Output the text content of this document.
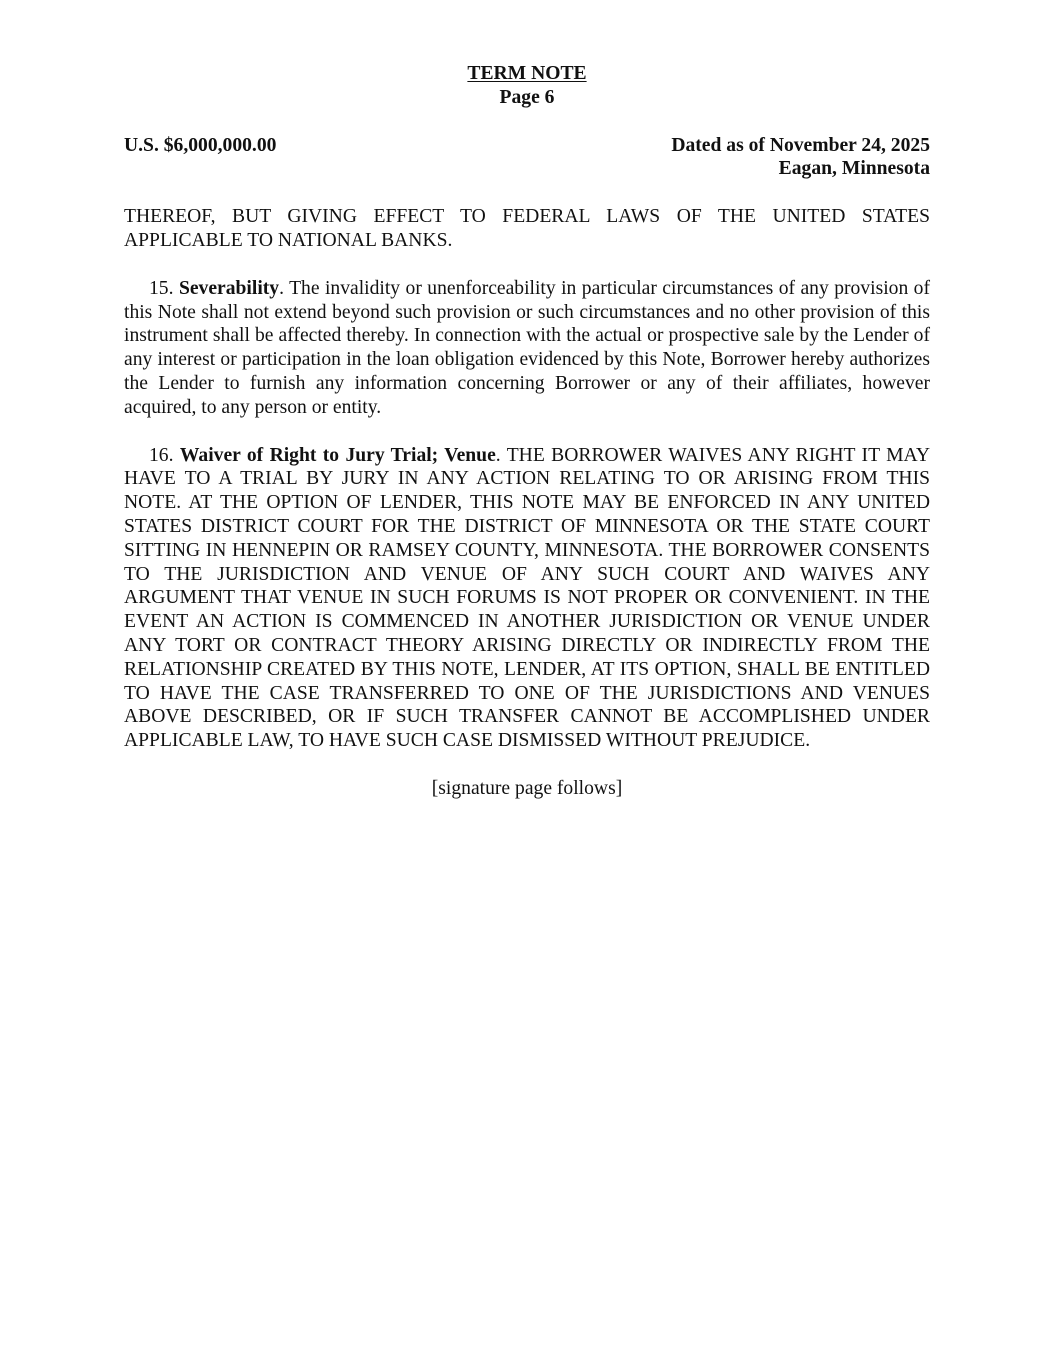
TERM NOTE
Page 6
U.S. $6,000,000.00	Dated as of November 24, 2025
Eagan, Minnesota

THEREOF, BUT GIVING EFFECT TO FEDERAL LAWS OF THE UNITED STATES APPLICABLE TO NATIONAL BANKS.

15. Severability. The invalidity or unenforceability in particular circumstances of any provision of this Note shall not extend beyond such provision or such circumstances and no other provision of this instrument shall be affected thereby. In connection with the actual or prospective sale by the Lender of any interest or participation in the loan obligation evidenced by this Note, Borrower hereby authorizes the Lender to furnish any information concerning Borrower or any of their affiliates, however acquired, to any person or entity.

16. Waiver of Right to Jury Trial; Venue. THE BORROWER WAIVES ANY RIGHT IT MAY HAVE TO A TRIAL BY JURY IN ANY ACTION RELATING TO OR ARISING FROM THIS NOTE. AT THE OPTION OF LENDER, THIS NOTE MAY BE ENFORCED IN ANY UNITED STATES DISTRICT COURT FOR THE DISTRICT OF MINNESOTA OR THE STATE COURT SITTING IN HENNEPIN OR RAMSEY COUNTY, MINNESOTA. THE BORROWER CONSENTS TO THE JURISDICTION AND VENUE OF ANY SUCH COURT AND WAIVES ANY ARGUMENT THAT VENUE IN SUCH FORUMS IS NOT PROPER OR CONVENIENT. IN THE EVENT AN ACTION IS COMMENCED IN ANOTHER JURISDICTION OR VENUE UNDER ANY TORT OR CONTRACT THEORY ARISING DIRECTLY OR INDIRECTLY FROM THE RELATIONSHIP CREATED BY THIS NOTE, LENDER, AT ITS OPTION, SHALL BE ENTITLED TO HAVE THE CASE TRANSFERRED TO ONE OF THE JURISDICTIONS AND VENUES ABOVE DESCRIBED, OR IF SUCH TRANSFER CANNOT BE ACCOMPLISHED UNDER APPLICABLE LAW, TO HAVE SUCH CASE DISMISSED WITHOUT PREJUDICE.

[signature page follows]
